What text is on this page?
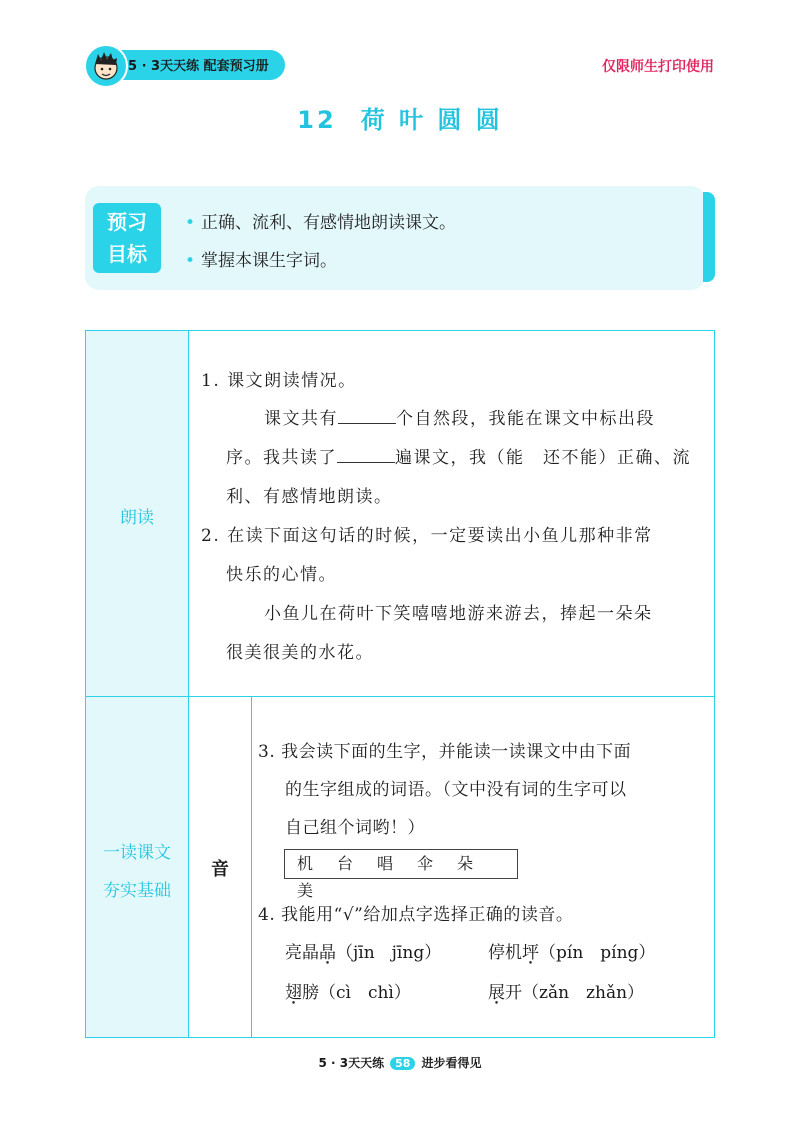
5 · 3天天练 配套预习册	仅限师生打印使用
12 荷 叶 圆 圆
预习
目标
• 正确、流利、有感情地朗读课文。
• 掌握本课生字词。
朗读
一读课文
夯实基础
音
1. 课文朗读情况。
课文共有	个自然段，我能在课文中标出段
序。我共读了	遍课文，我（能　还不能）正确、流
利、有感情地朗读。
2. 在读下面这句话的时候，一定要读出小鱼儿那种非常
快乐的心情。
小鱼儿在荷叶下笑嘻嘻地游来游去，捧起一朵朵
很美很美的水花。
3. 我会读下面的生字，并能读一读课文中由下面
的生字组成的词语。（文中没有词的生字可以
自己组个词哟！）
机 台 唱 伞 朵美
4. 我能用“√”给加点字选择正确的读音。
亮晶晶（jīn　jīng）	停机坪（pín　píng）
翅膀（cì　chì）	展开（zǎn　zhǎn）
5 · 3天天练 58 进步看得见
